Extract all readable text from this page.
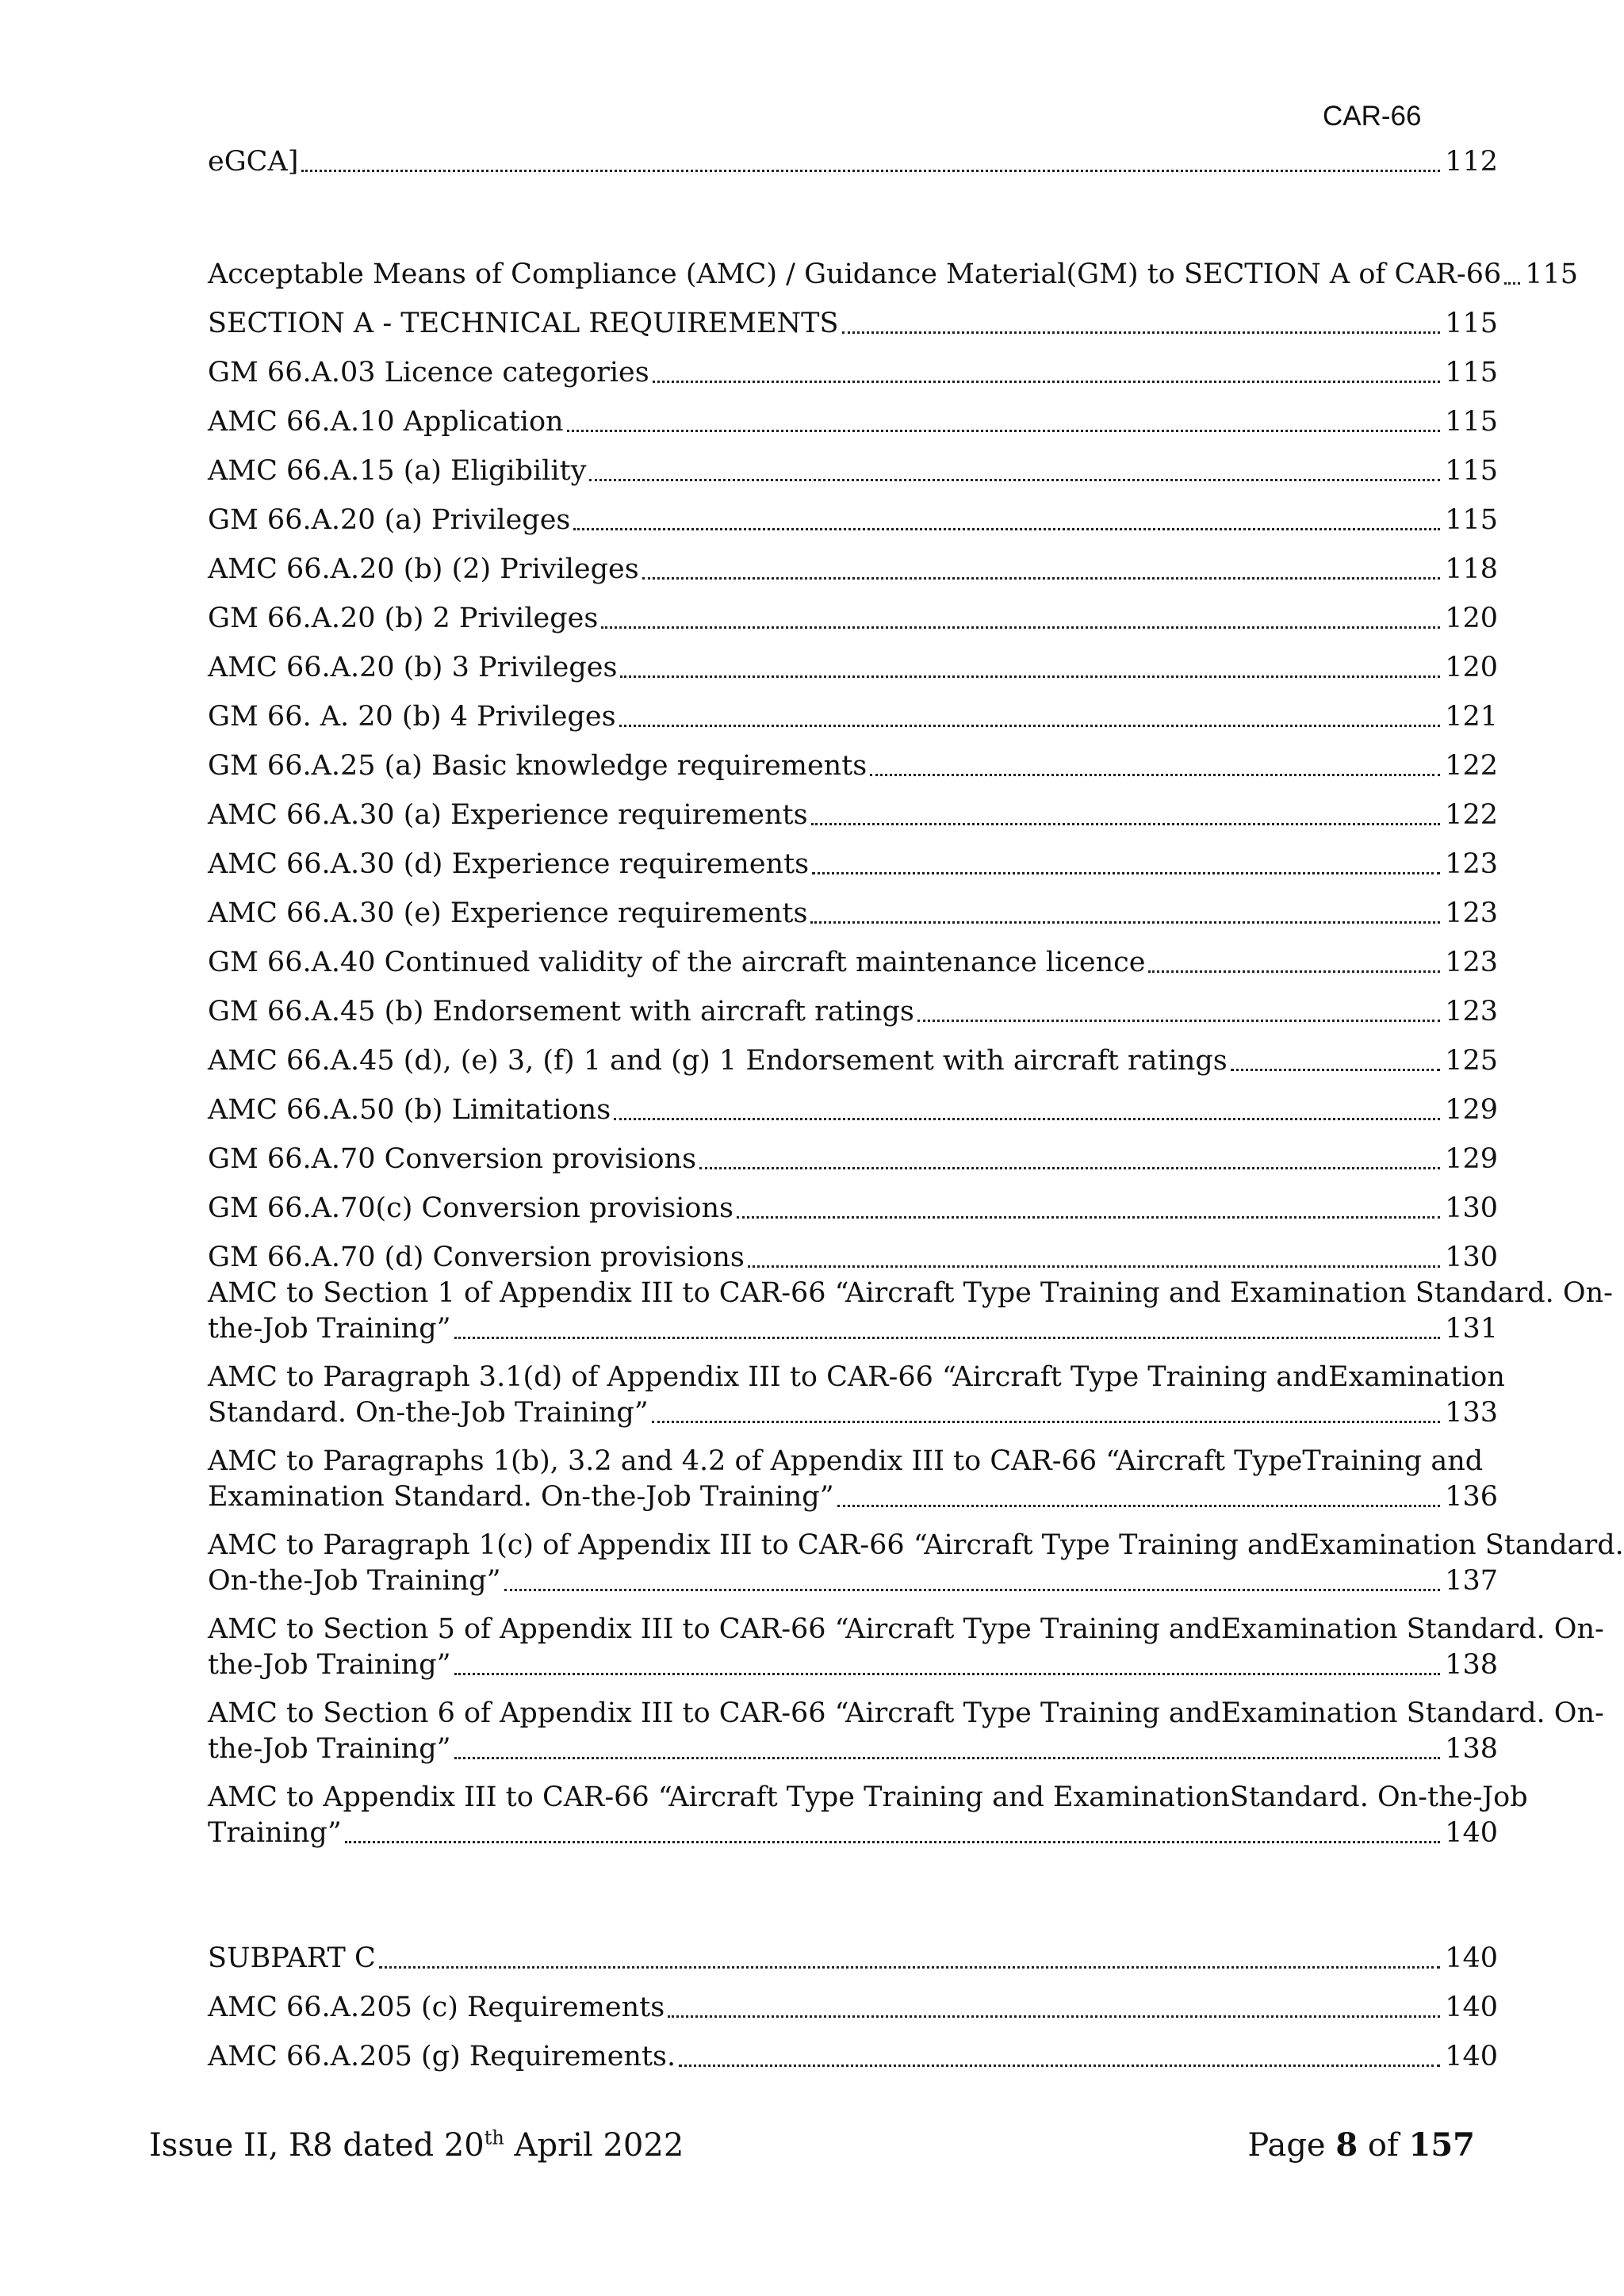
CAR-66
eGCA]	112
Acceptable Means of Compliance (AMC) / Guidance Material(GM) to SECTION A of CAR-66 115
SECTION A - TECHNICAL REQUIREMENTS	115
GM 66.A.03 Licence categories	115
AMC 66.A.10 Application	115
AMC 66.A.15 (a) Eligibility	115
GM 66.A.20 (a) Privileges	115
AMC 66.A.20 (b) (2) Privileges	118
GM 66.A.20 (b) 2 Privileges	120
AMC 66.A.20 (b) 3 Privileges	120
GM 66. A. 20 (b) 4 Privileges	121
GM 66.A.25 (a) Basic knowledge requirements	122
AMC 66.A.30 (a) Experience requirements	122
AMC 66.A.30 (d) Experience requirements	123
AMC 66.A.30 (e) Experience requirements	123
GM 66.A.40 Continued validity of the aircraft maintenance licence	123
GM 66.A.45 (b) Endorsement with aircraft ratings	123
AMC 66.A.45 (d), (e) 3, (f) 1 and (g) 1 Endorsement with aircraft ratings	125
AMC 66.A.50 (b) Limitations	129
GM 66.A.70 Conversion provisions	129
GM 66.A.70(c) Conversion provisions	130
GM 66.A.70 (d) Conversion provisions	130
AMC to Section 1 of Appendix III to CAR-66 “Aircraft Type Training and Examination Standard. On-
the-Job Training”	131
AMC to Paragraph 3.1(d) of Appendix III to CAR-66 “Aircraft Type Training andExamination
Standard. On-the-Job Training”	133
AMC to Paragraphs 1(b), 3.2 and 4.2 of Appendix III to CAR-66 “Aircraft TypeTraining and
Examination Standard. On-the-Job Training”	136
AMC to Paragraph 1(c) of Appendix III to CAR-66 “Aircraft Type Training andExamination Standard.
On-the-Job Training”	137
AMC to Section 5 of Appendix III to CAR-66 “Aircraft Type Training andExamination Standard. On-
the-Job Training”	138
AMC to Section 6 of Appendix III to CAR-66 “Aircraft Type Training andExamination Standard. On-
the-Job Training”	138
AMC to Appendix III to CAR-66 “Aircraft Type Training and ExaminationStandard. On-the-Job
Training”	140
SUBPART C	140
AMC 66.A.205 (c) Requirements	140
AMC 66.A.205 (g) Requirements.	140
Issue II, R8 dated 20th April 2022	Page 8 of 157
